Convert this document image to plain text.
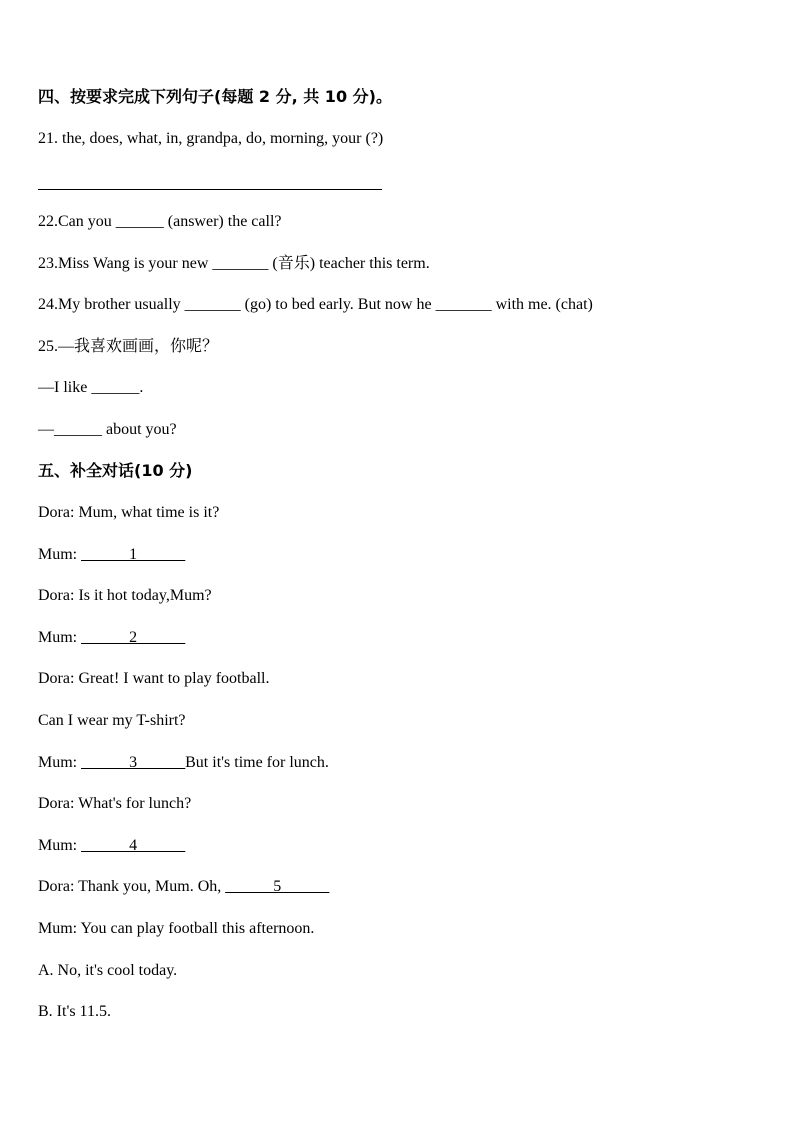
四、按要求完成下列句子(每题 2 分, 共 10 分)。
21. the, does, what, in, grandpa, do, morning, your (?)
22.Can you ______ (answer) the call?
23.Miss Wang is your new _______ (音乐) teacher this term.
24.My brother usually _______ (go) to bed early. But now he _______ with me. (chat)
25.—我喜欢画画，你呢？
—I like ______.
—______ about you?
五、补全对话(10 分)
Dora: Mum, what time is it?
Mum: ______1______
Dora: Is it hot today,Mum?
Mum: ______2______
Dora: Great! I want to play football.
Can I wear my T-shirt?
Mum: ______3______But it's time for lunch.
Dora: What's for lunch?
Mum: ______4______
Dora: Thank you, Mum. Oh, ______5______
Mum: You can play football this afternoon.
A. No, it's cool today.
B. It's 11.5.
